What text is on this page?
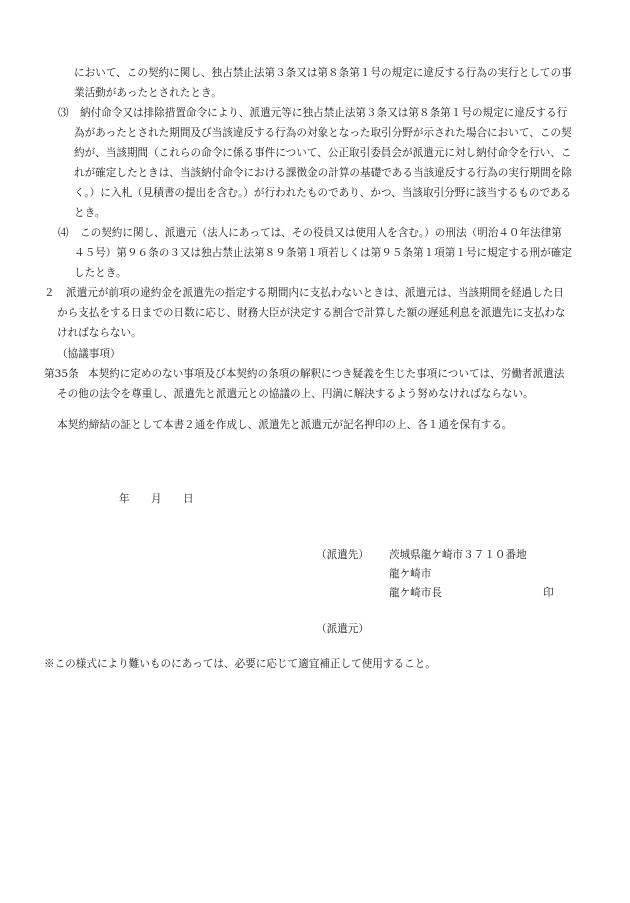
において、この契約に関し、独占禁止法第３条又は第８条第１号の規定に違反する行為の実行としての事
業活動があったとされたとき。
⑶ 納付命令又は排除措置命令により、派遣元等に独占禁止法第３条又は第８条第１号の規定に違反する行
為があったとされた期間及び当該違反する行為の対象となった取引分野が示された場合において、この契
約が、当該期間（これらの命令に係る事件について、公正取引委員会が派遣元に対し納付命令を行い、こ
れが確定したときは、当該納付命令における課徴金の計算の基礎である当該違反する行為の実行期間を除
く。）に入札（見積書の提出を含む。）が行われたものであり、かつ、当該取引分野に該当するものである
とき。
⑷ この契約に関し、派遣元（法人にあっては、その役員又は使用人を含む。）の刑法（明治４０年法律第
４５号）第９６条の３又は独占禁止法第８９条第１項若しくは第９５条第１項第１号に規定する刑が確定
したとき。
２ 派遣元が前項の違約金を派遣先の指定する期間内に支払わないときは、派遣元は、当該期間を経過した日
から支払をする日までの日数に応じ、財務大臣が決定する割合で計算した額の遅延利息を派遣先に支払わな
ければならない。
（協議事項）
第35条 本契約に定めのない事項及び本契約の条項の解釈につき疑義を生じた事項については、労働者派遣法
その他の法令を尊重し、派遣先と派遣元との協議の上、円満に解決するよう努めなければならない。
本契約締結の証として本書２通を作成し、派遣先と派遣元が記名押印の上、各１通を保有する。
年 月 日
（派遣先） 茨城県龍ケ崎市３７１０番地
龍ケ崎市
龍ケ崎市長	印
（派遣元）
※この様式により難いものにあっては、必要に応じて適宜補正して使用すること。
